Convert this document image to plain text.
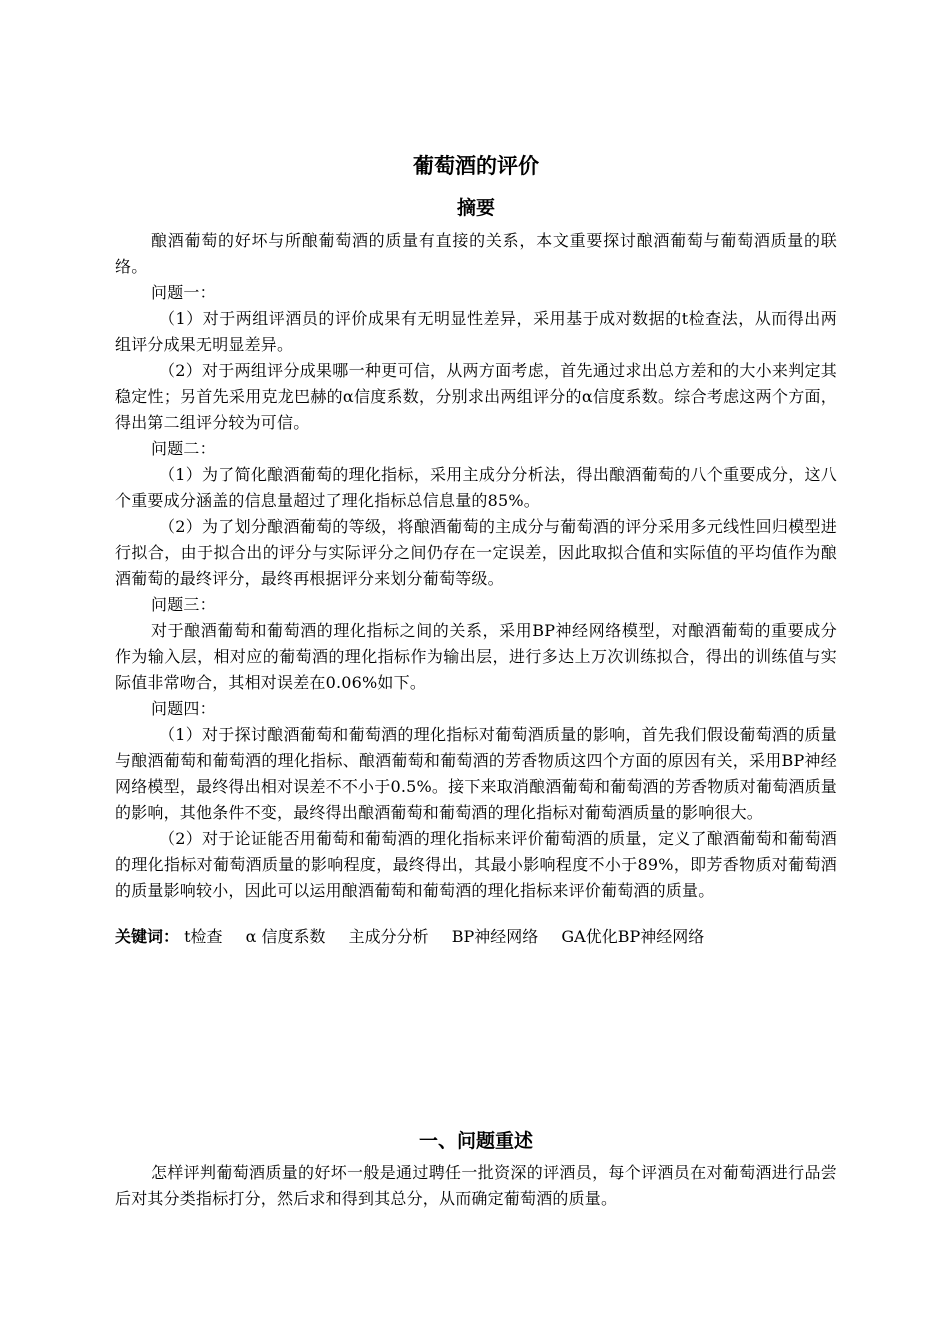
葡萄酒的评价
摘要

酿酒葡萄的好坏与所酿葡萄酒的质量有直接的关系，本文重要探讨酿酒葡萄与葡萄酒质量的联络。

问题一：

（1）对于两组评酒员的评价成果有无明显性差异，采用基于成对数据的t检查法，从而得出两组评分成果无明显差异。

（2）对于两组评分成果哪一种更可信，从两方面考虑，首先通过求出总方差和的大小来判定其稳定性；另首先采用克龙巴赫的α信度系数，分别求出两组评分的α信度系数。综合考虑这两个方面，得出第二组评分较为可信。

问题二：

（1）为了简化酿酒葡萄的理化指标，采用主成分分析法，得出酿酒葡萄的八个重要成分，这八个重要成分涵盖的信息量超过了理化指标总信息量的85%。

（2）为了划分酿酒葡萄的等级，将酿酒葡萄的主成分与葡萄酒的评分采用多元线性回归模型进行拟合，由于拟合出的评分与实际评分之间仍存在一定误差，因此取拟合值和实际值的平均值作为酿酒葡萄的最终评分，最终再根据评分来划分葡萄等级。

问题三：

对于酿酒葡萄和葡萄酒的理化指标之间的关系，采用BP神经网络模型，对酿酒葡萄的重要成分作为输入层，相对应的葡萄酒的理化指标作为输出层，进行多达上万次训练拟合，得出的训练值与实际值非常吻合，其相对误差在0.06%如下。

问题四：

（1）对于探讨酿酒葡萄和葡萄酒的理化指标对葡萄酒质量的影响，首先我们假设葡萄酒的质量与酿酒葡萄和葡萄酒的理化指标、酿酒葡萄和葡萄酒的芳香物质这四个方面的原因有关，采用BP神经网络模型，最终得出相对误差不不小于0.5%。接下来取消酿酒葡萄和葡萄酒的芳香物质对葡萄酒质量的影响，其他条件不变，最终得出酿酒葡萄和葡萄酒的理化指标对葡萄酒质量的影响很大。

（2）对于论证能否用葡萄和葡萄酒的理化指标来评价葡萄酒的质量，定义了酿酒葡萄和葡萄酒的理化指标对葡萄酒质量的影响程度，最终得出，其最小影响程度不小于89%，即芳香物质对葡萄酒的质量影响较小，因此可以运用酿酒葡萄和葡萄酒的理化指标来评价葡萄酒的质量。

关键词： t检查 α 信度系数 主成分分析 BP神经网络 GA优化BP神经网络
一、问题重述

怎样评判葡萄酒质量的好坏一般是通过聘任一批资深的评酒员，每个评酒员在对葡萄酒进行品尝后对其分类指标打分，然后求和得到其总分，从而确定葡萄酒的质量。
